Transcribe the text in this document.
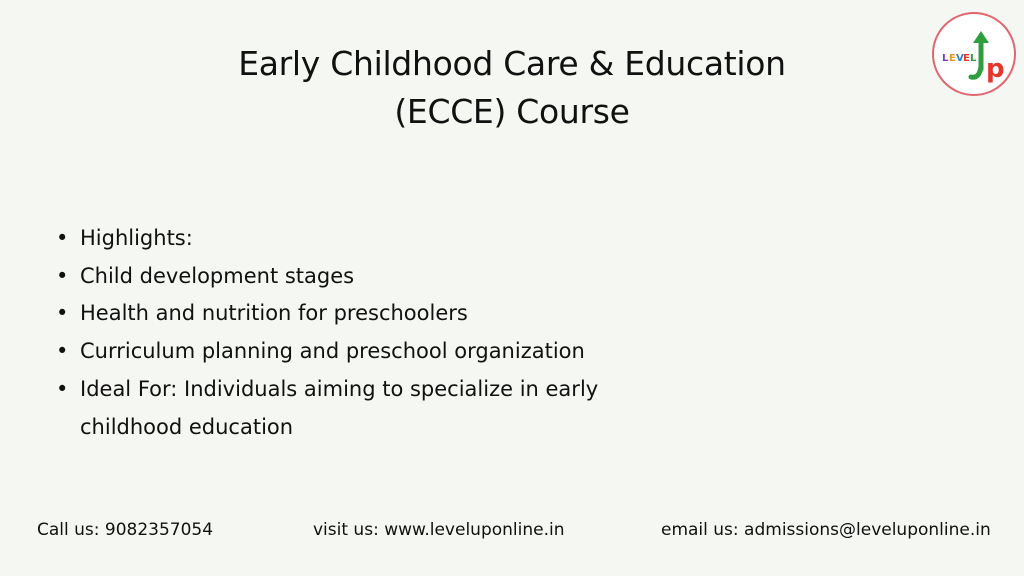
Early Childhood Care & Education
(ECCE) Course
L E V E L p
• Highlights:
• Child development stages
• Health and nutrition for preschoolers
• Curriculum planning and preschool organization
• Ideal For: Individuals aiming to specialize in early childhood education
Call us: 9082357054	visit us: www.leveluponline.in	email us: admissions@leveluponline.in
